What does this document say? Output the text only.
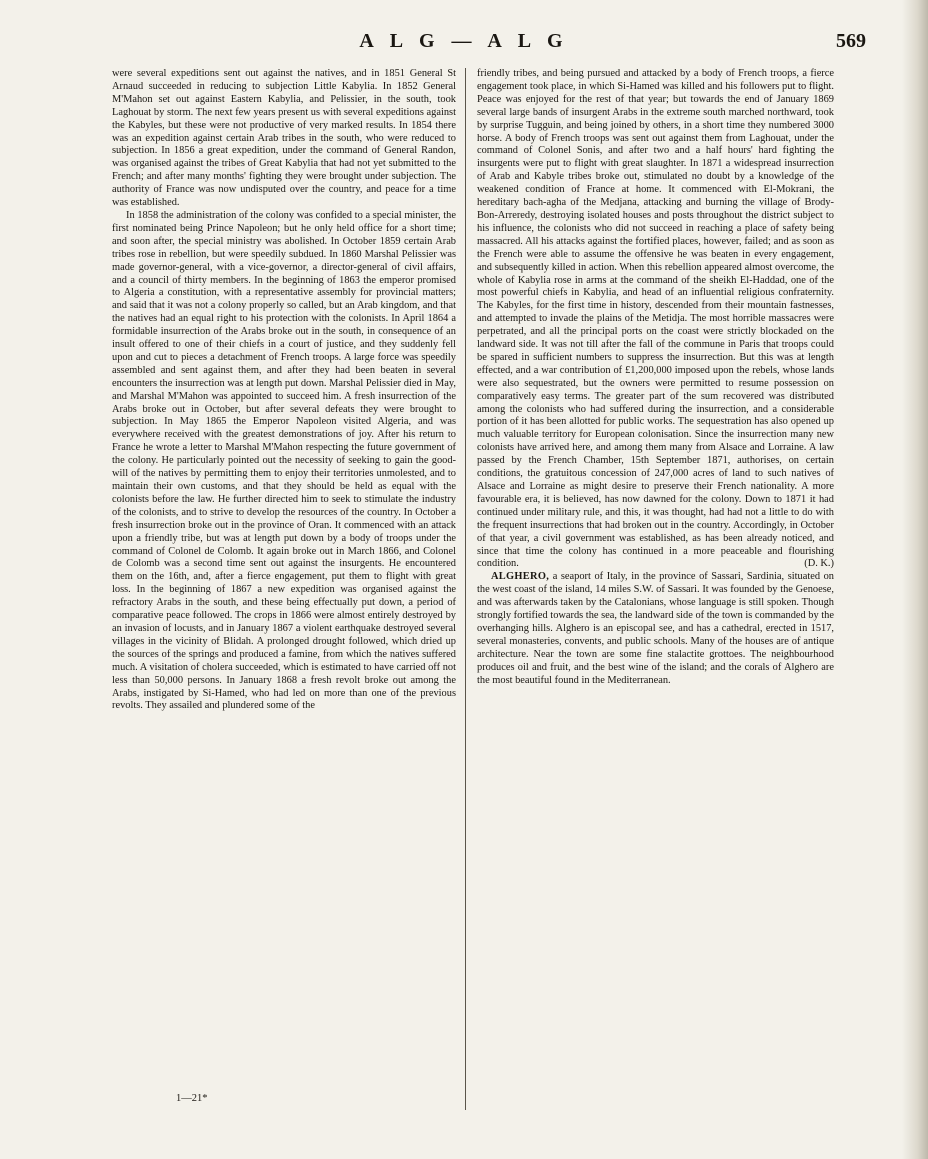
A L G — A L G	569

were several expeditions sent out against the natives, and in 1851 General St Arnaud succeeded in reducing to subjection Little Kabylia. In 1852 General M'Mahon set out against Eastern Kabylia, and Pelissier, in the south, took Laghouat by storm. The next few years present us with several expeditions against the Kabyles, but these were not productive of very marked results. In 1854 there was an expedition against certain Arab tribes in the south, who were reduced to subjection. In 1856 a great expedition, under the command of General Randon, was organised against the tribes of Great Kabylia that had not yet submitted to the French; and after many months' fighting they were brought under subjection. The authority of France was now undisputed over the country, and peace for a time was established.

In 1858 the administration of the colony was confided to a special minister, the first nominated being Prince Napoleon; but he only held office for a short time; and soon after, the special ministry was abolished. In October 1859 certain Arab tribes rose in rebellion, but were speedily subdued. In 1860 Marshal Pelissier was made governor-general, with a vice-governor, a director-general of civil affairs, and a council of thirty members. In the beginning of 1863 the emperor promised to Algeria a constitution, with a representative assembly for provincial matters; and said that it was not a colony properly so called, but an Arab kingdom, and that the natives had an equal right to his protection with the colonists. In April 1864 a formidable insurrection of the Arabs broke out in the south, in consequence of an insult offered to one of their chiefs in a court of justice, and they suddenly fell upon and cut to pieces a detachment of French troops. A large force was speedily assembled and sent against them, and after they had been beaten in several encounters the insurrection was at length put down. Marshal Pelissier died in May, and Marshal M'Mahon was appointed to succeed him. A fresh insurrection of the Arabs broke out in October, but after several defeats they were brought to subjection. In May 1865 the Emperor Napoleon visited Algeria, and was everywhere received with the greatest demonstrations of joy. After his return to France he wrote a letter to Marshal M'Mahon respecting the future government of the colony. He particularly pointed out the necessity of seeking to gain the good-will of the natives by permitting them to enjoy their territories unmolested, and to maintain their own customs, and that they should be held as equal with the colonists before the law. He further directed him to seek to stimulate the industry of the colonists, and to strive to develop the resources of the country. In October a fresh insurrection broke out in the province of Oran. It commenced with an attack upon a friendly tribe, but was at length put down by a body of troops under the command of Colonel de Colomb. It again broke out in March 1866, and Colonel de Colomb was a second time sent out against the insurgents. He encountered them on the 16th, and, after a fierce engagement, put them to flight with great loss. In the beginning of 1867 a new expedition was organised against the refractory Arabs in the south, and these being effectually put down, a period of comparative peace followed. The crops in 1866 were almost entirely destroyed by an invasion of locusts, and in January 1867 a violent earthquake destroyed several villages in the vicinity of Blidah. A prolonged drought followed, which dried up the sources of the springs and produced a famine, from which the natives suffered much. A visitation of cholera succeeded, which is estimated to have carried off not less than 50,000 persons. In January 1868 a fresh revolt broke out among the Arabs, instigated by Si-Hamed, who had led on more than one of the previous revolts. They assailed and plundered some of the

friendly tribes, and being pursued and attacked by a body of French troops, a fierce engagement took place, in which Si-Hamed was killed and his followers put to flight. Peace was enjoyed for the rest of that year; but towards the end of January 1869 several large bands of insurgent Arabs in the extreme south marched northward, took by surprise Tugguin, and being joined by others, in a short time they numbered 3000 horse. A body of French troops was sent out against them from Laghouat, under the command of Colonel Sonis, and after two and a half hours' hard fighting the insurgents were put to flight with great slaughter. In 1871 a widespread insurrection of Arab and Kabyle tribes broke out, stimulated no doubt by a knowledge of the weakened condition of France at home. It commenced with El-Mokrani, the hereditary bach-agha of the Medjana, attacking and burning the village of Brody-Bon-Arreredy, destroying isolated houses and posts throughout the district subject to his influence, the colonists who did not succeed in reaching a place of safety being massacred. All his attacks against the fortified places, however, failed; and as soon as the French were able to assume the offensive he was beaten in every engagement, and subsequently killed in action. When this rebellion appeared almost overcome, the whole of Kabylia rose in arms at the command of the sheikh El-Haddad, one of the most powerful chiefs in Kabylia, and head of an influential religious confraternity. The Kabyles, for the first time in history, descended from their mountain fastnesses, and attempted to invade the plains of the Metidja. The most horrible massacres were perpetrated, and all the principal ports on the coast were strictly blockaded on the landward side. It was not till after the fall of the commune in Paris that troops could be spared in sufficient numbers to suppress the insurrection. But this was at length effected, and a war contribution of £1,200,000 imposed upon the rebels, whose lands were also sequestrated, but the owners were permitted to resume possession on comparatively easy terms. The greater part of the sum recovered was distributed among the colonists who had suffered during the insurrection, and a considerable portion of it has been allotted for public works. The sequestration has also opened up much valuable territory for European colonisation. Since the insurrection many new colonists have arrived here, and among them many from Alsace and Lorraine. A law passed by the French Chamber, 15th September 1871, authorises, on certain conditions, the gratuitous concession of 247,000 acres of land to such natives of Alsace and Lorraine as might desire to preserve their French nationality. A more favourable era, it is believed, has now dawned for the colony. Down to 1871 it had continued under military rule, and this, it was thought, had had not a little to do with the frequent insurrections that had broken out in the country. Accordingly, in October of that year, a civil government was established, as has been already noticed, and since that time the colony has continued in a more peaceable and flourishing condition.	(D. K.)

ALGHERO, a seaport of Italy, in the province of Sassari, Sardinia, situated on the west coast of the island, 14 miles S.W. of Sassari. It was founded by the Genoese, and was afterwards taken by the Catalonians, whose language is still spoken. Though strongly fortified towards the sea, the landward side of the town is commanded by the overhanging hills. Alghero is an episcopal see, and has a cathedral, erected in 1517, several monasteries, convents, and public schools. Many of the houses are of antique architecture. Near the town are some fine stalactite grottoes. The neighbourhood produces oil and fruit, and the best wine of the island; and the corals of Alghero are the most beautiful found in the Mediterranean.

1—21*
